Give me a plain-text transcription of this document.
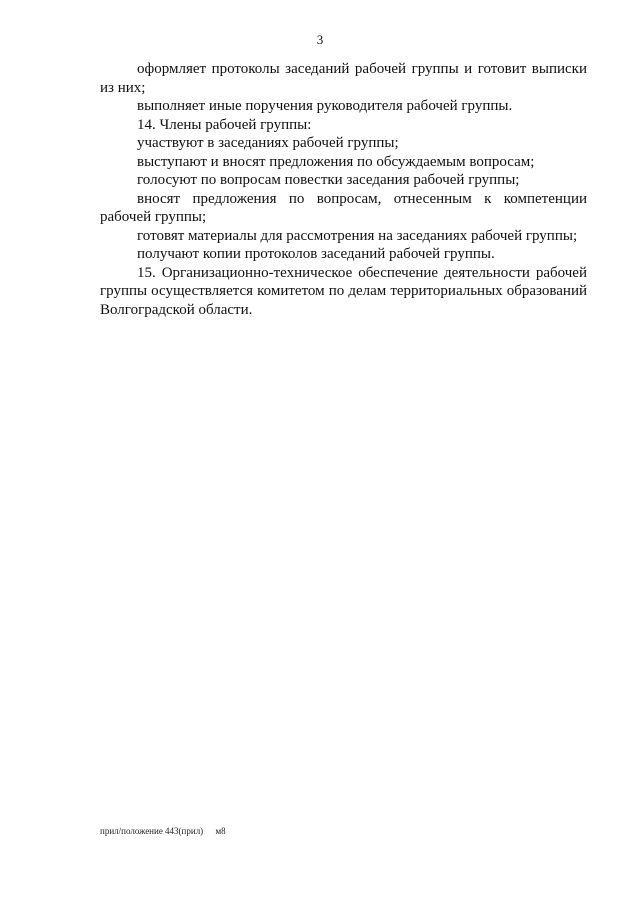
3

оформляет протоколы заседаний рабочей группы и готовит выписки из них;

выполняет иные поручения руководителя рабочей группы.

14. Члены рабочей группы:

участвуют в заседаниях рабочей группы;

выступают и вносят предложения по обсуждаемым вопросам;

голосуют по вопросам повестки заседания рабочей группы;

вносят предложения по вопросам, отнесенным к компетенции рабочей группы;

готовят материалы для рассмотрения на заседаниях рабочей группы;

получают копии протоколов заседаний рабочей группы.

15. Организационно-техническое обеспечение деятельности рабочей группы осуществляется комитетом по делам территориальных образований Волгоградской области.

прил/положение 443(прил) м8
